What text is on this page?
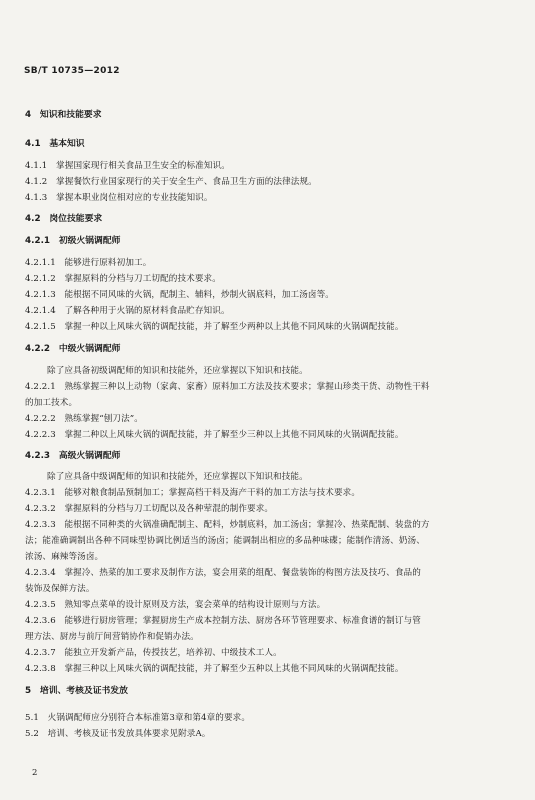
SB/T 10735—2012
4　知识和技能要求
4.1　基本知识
4.1.1　掌握国家现行相关食品卫生安全的标准知识。
4.1.2　掌握餐饮行业国家现行的关于安全生产、食品卫生方面的法律法规。
4.1.3　掌握本职业岗位相对应的专业技能知识。
4.2　岗位技能要求
4.2.1　初级火锅调配师
4.2.1.1　能够进行原料初加工。
4.2.1.2　掌握原料的分档与刀工切配的技术要求。
4.2.1.3　能根据不同风味的火锅，配制主、辅料，炒制火锅底料，加工汤卤等。
4.2.1.4　了解各种用于火锅的原材料食品贮存知识。
4.2.1.5　掌握一种以上风味火锅的调配技能，并了解至少两种以上其他不同风味的火锅调配技能。
4.2.2　中级火锅调配师
除了应具备初级调配师的知识和技能外，还应掌握以下知识和技能。
4.2.2.1　熟练掌握三种以上动物（家禽、家畜）原料加工方法及技术要求；掌握山珍类干货、动物性干料
的加工技术。
4.2.2.2　熟练掌握“刨刀法”。
4.2.2.3　掌握二种以上风味火锅的调配技能，并了解至少三种以上其他不同风味的火锅调配技能。
4.2.3　高级火锅调配师
除了应具备中级调配师的知识和技能外，还应掌握以下知识和技能。
4.2.3.1　能够对粮食制品预制加工；掌握高档干料及海产干料的加工方法与技术要求。
4.2.3.2　掌握原料的分档与刀工切配以及各种荤混的制作要求。
4.2.3.3　能根据不同种类的火锅准确配制主、配料，炒制底料，加工汤卤；掌握冷、热菜配制、装盘的方
法；能准确调制出各种不同味型协调比例适当的汤卤；能调制出相应的多品种味碟；能制作清汤、奶汤、
浓汤、麻辣等汤卤。
4.2.3.4　掌握冷、热菜的加工要求及制作方法，宴会用菜的组配、餐盘装饰的构图方法及技巧、食品的
装饰及保鲜方法。
4.2.3.5　熟知零点菜单的设计原则及方法，宴会菜单的结构设计原则与方法。
4.2.3.6　能够进行厨房管理；掌握厨房生产成本控制方法、厨房各环节管理要求、标准食谱的制订与管
理方法、厨房与前厅间营销协作和促销办法。
4.2.3.7　能独立开发新产品，传授技艺，培养初、中级技术工人。
4.2.3.8　掌握三种以上风味火锅的调配技能，并了解至少五种以上其他不同风味的火锅调配技能。
5　培训、考核及证书发放
5.1　火锅调配师应分别符合本标准第3章和第4章的要求。
5.2　培训、考核及证书发放具体要求见附录A。
2
